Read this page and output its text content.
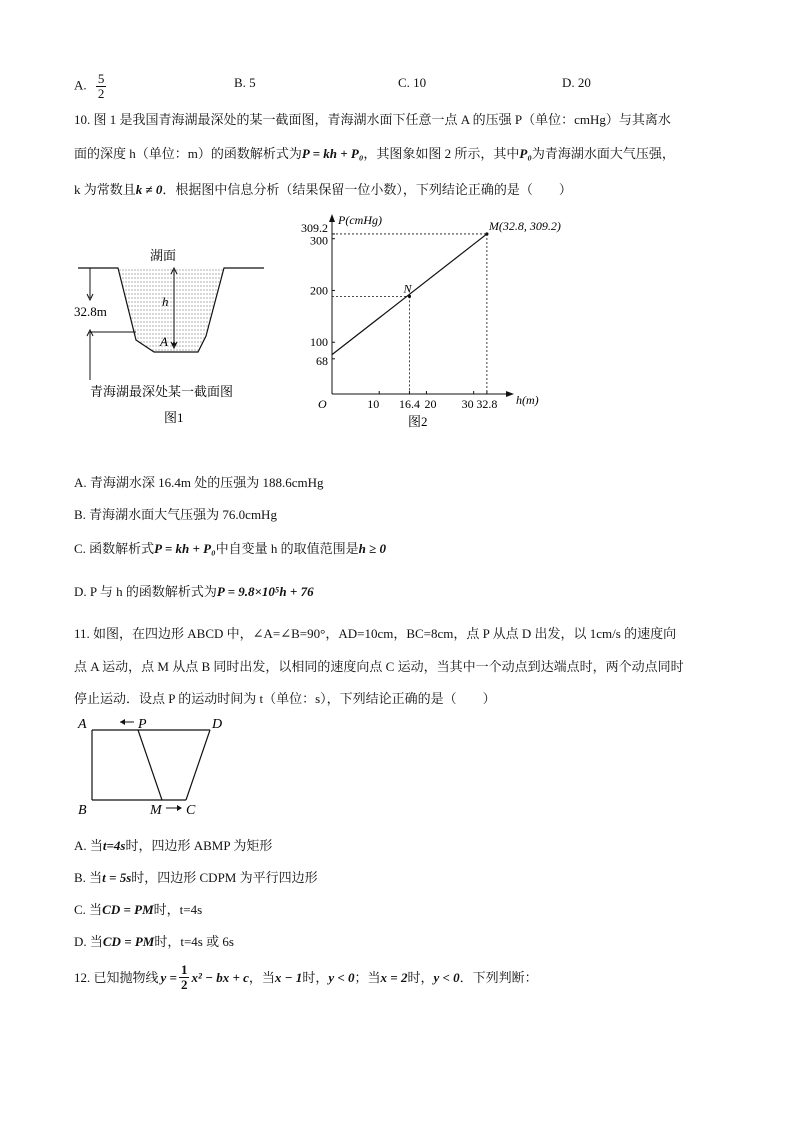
A. $\frac{5}{2}$	B. 5	C. 10	D. 20
10. 图 1 是我国青海湖最深处的某一截面图，青海湖水面下任意一点 A 的压强 P（单位：cmHg）与其离水
面的深度 h（单位：m）的函数解析式为P = kh + P₀，其图象如图 2 所示，其中P₀为青海湖水面大气压强，
k 为常数且k ≠ 0．根据图中信息分析（结果保留一位小数），下列结论正确的是（　　）
湖面
32.8m
h
A
青海湖最深处某一截面图
图1
10 16.4 20 30 32.8
68
100
200
300
309.2
N
M(32.8, 309.2)
P(cmHg)
h(m)
O
图2
A. 青海湖水深 16.4m 处的压强为 188.6cmHg
B. 青海湖水面大气压强为 76.0cmHg
C. 函数解析式P = kh + P₀中自变量 h 的取值范围是h ≥ 0
D. P 与 h 的函数解析式为P = 9.8×10⁵h + 76
11. 如图，在四边形 ABCD 中，∠A=∠B=90°，AD=10cm，BC=8cm，点 P 从点 D 出发，以 1cm/s 的速度向
点 A 运动，点 M 从点 B 同时出发，以相同的速度向点 C 运动，当其中一个动点到达端点时，两个动点同时
停止运动．设点 P 的运动时间为 t（单位：s），下列结论正确的是（　　）
A	P	D
B	M C
A. 当t=4s时，四边形 ABMP 为矩形
B. 当t = 5s时，四边形 CDPM 为平行四边形
C. 当CD = PM时，t=4s
D. 当CD = PM时，t=4s 或 6s
12. 已知抛物线 $y = \frac{1}{2} x^2$ − bx + c ，当 x − 1 时， y < 0 ；当 x = 2 时， y < 0 ．下列判断：
